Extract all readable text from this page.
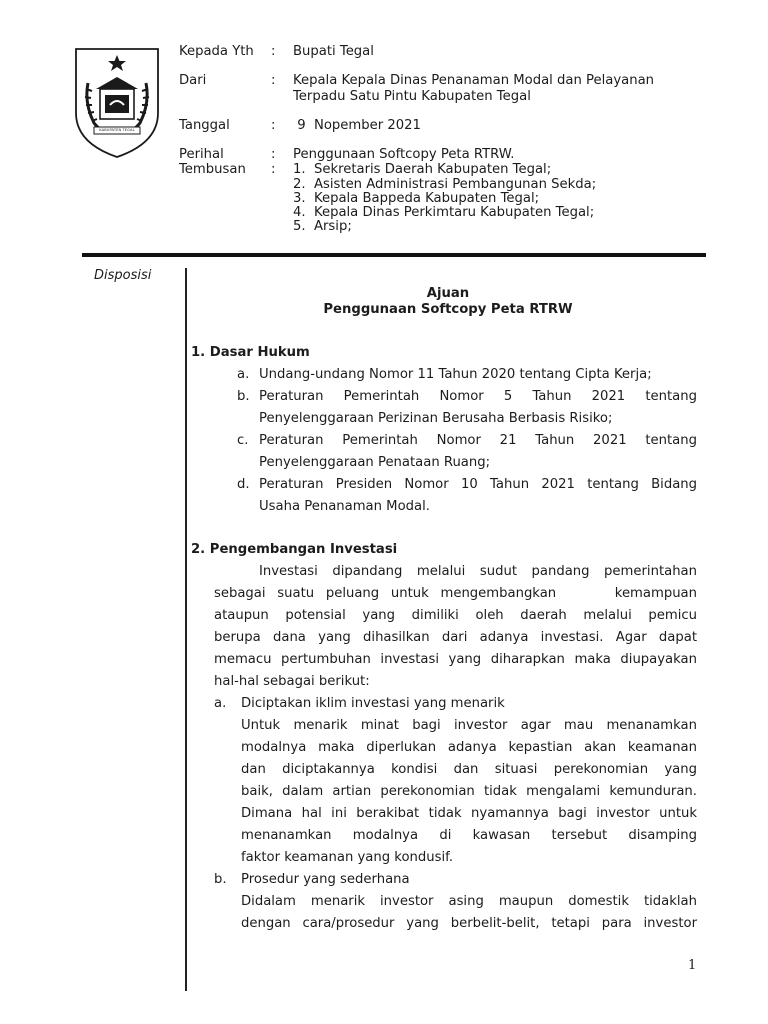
KABUPATEN TEGAL
Kepada Yth : Bupati Tegal
Dari	: Kepala Kepala Dinas Penanaman Modal dan Pelayanan
Terpadu Satu Pintu Kabupaten Tegal
Tanggal	: 9  Nopember 2021
Perihal	: Penggunaan Softcopy Peta RTRW.
Tembusan : 1.  Sekretaris Daerah Kabupaten Tegal;
2.  Asisten Administrasi Pembangunan Sekda;
3.  Kepala Bappeda Kabupaten Tegal;
4.  Kepala Dinas Perkimtaru Kabupaten Tegal;
5.  Arsip;
Disposisi
Ajuan
Penggunaan Softcopy Peta RTRW
1. Dasar Hukum
a. Undang-undang Nomor 11 Tahun 2020 tentang Cipta Kerja;
b. Peraturan Pemerintah Nomor 5 Tahun 2021 tentang
Penyelenggaraan Perizinan Berusaha Berbasis Risiko;
c. Peraturan Pemerintah Nomor 21 Tahun 2021 tentang
Penyelenggaraan Penataan Ruang;
d. Peraturan Presiden Nomor 10 Tahun 2021 tentang Bidang
Usaha Penanaman Modal.
2. Pengembangan Investasi
Investasi dipandang melalui sudut pandang pemerintahan
sebagai suatu peluang untuk mengembangkan     kemampuan
ataupun potensial yang dimiliki oleh daerah melalui pemicu
berupa dana yang dihasilkan dari adanya investasi. Agar dapat
memacu pertumbuhan investasi yang diharapkan maka diupayakan
hal-hal sebagai berikut:
a. Diciptakan iklim investasi yang menarik
Untuk menarik minat bagi investor agar mau menanamkan
modalnya maka diperlukan adanya kepastian akan keamanan
dan diciptakannya kondisi dan situasi perekonomian yang
baik, dalam artian perekonomian tidak mengalami kemunduran.
Dimana hal ini berakibat tidak nyamannya bagi investor untuk
menanamkan modalnya di kawasan tersebut disamping
faktor keamanan yang kondusif.
b. Prosedur yang sederhana
Didalam menarik investor asing maupun domestik tidaklah
dengan cara/prosedur yang berbelit-belit, tetapi para investor
1
